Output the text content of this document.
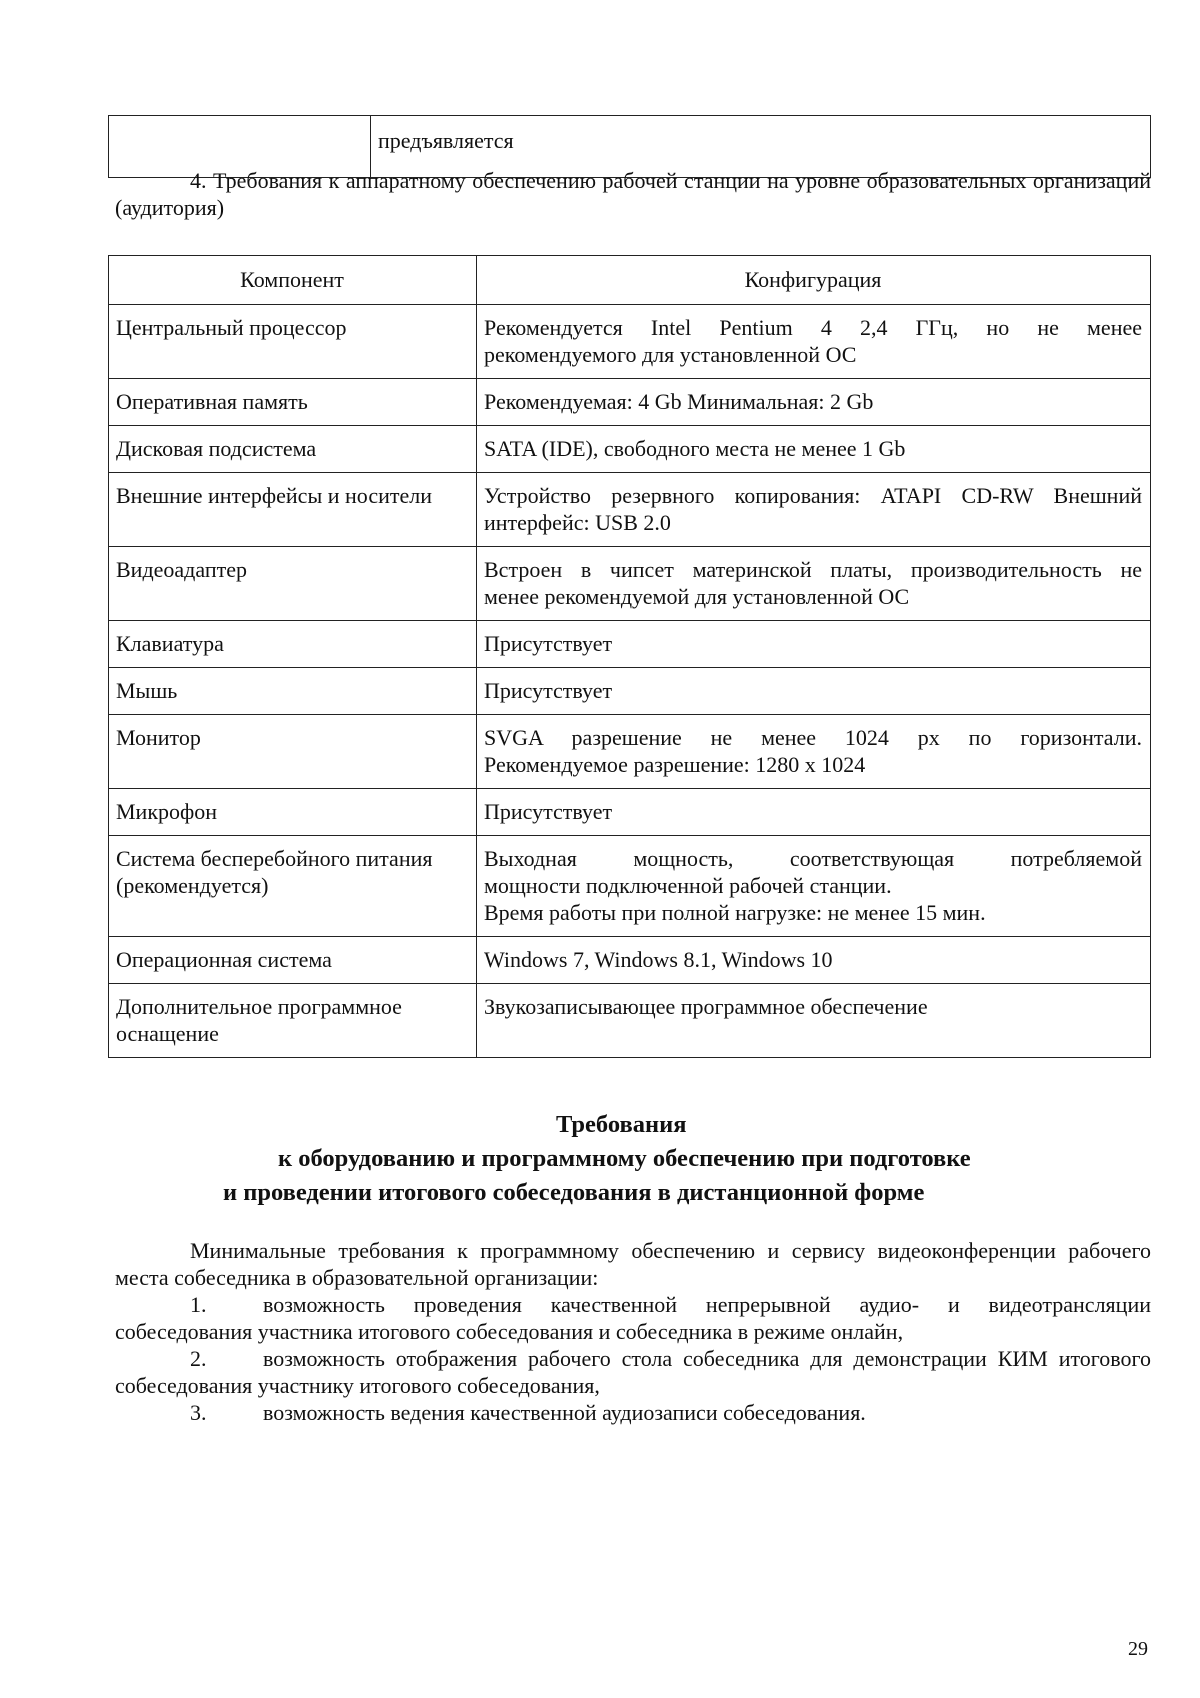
	предъявляется
4. Требования к аппаратному обеспечению рабочей станции на уровне образовательных организаций (аудитория)
Компонент	Конфигурация
Центральный процессор	Рекомендуется Intel Pentium 4 2,4 ГГц, но не менее
рекомендуемого для установленной ОС
Оперативная память	Рекомендуемая: 4 Gb Минимальная: 2 Gb
Дисковая подсистема	SATA (IDE), свободного места не менее 1 Gb
Внешние интерфейсы и носители	Устройство резервного копирования: ATAPI CD-RW Внешний
интерфейс: USB 2.0
Видеоадаптер	Встроен в чипсет материнской платы, производительность не
менее рекомендуемой для установленной ОС
Клавиатура	Присутствует
Мышь	Присутствует
Монитор	SVGA разрешение не менее 1024 px по горизонтали.
Рекомендуемое разрешение: 1280 x 1024
Микрофон	Присутствует
Система бесперебойного питания (рекомендуется)	Выходная мощность, соответствующая потребляемой
мощности подключенной рабочей станции.
Время работы при полной нагрузке: не менее 15 мин.
Операционная система	Windows 7, Windows 8.1, Windows 10
Дополнительное программное оснащение	Звукозаписывающее программное обеспечение
Требования
к оборудованию и программному обеспечению при подготовке
и проведении итогового собеседования в дистанционной форме

Минимальные требования к программному обеспечению и сервису видеоконференции рабочего места собеседника в образовательной организации:

1.	возможность проведения качественной непрерывной аудио- и видеотрансляции собеседования участника итогового собеседования и собеседника в режиме онлайн,

2.	возможность отображения рабочего стола собеседника для демонстрации КИМ итогового собеседования участнику итогового собеседования,

3.	возможность ведения качественной аудиозаписи собеседования.

29
